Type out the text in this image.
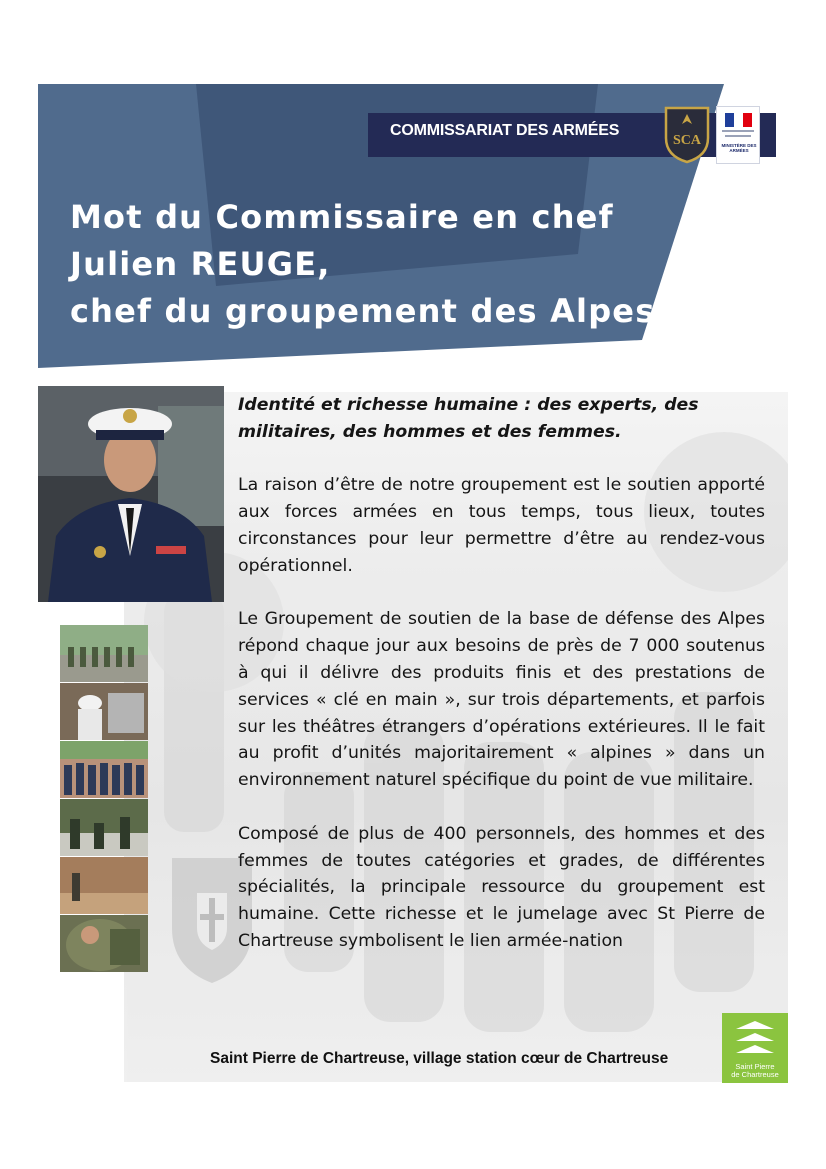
COMMISSARIAT DES ARMÉES
SCA	MINISTÈRE DES ARMÉES
Mot du Commissaire en chef
Julien REUGE,
chef du groupement des Alpes

Identité et richesse humaine : des experts, des militaires, des hommes et des femmes.

La raison d’être de notre groupement est le soutien apporté aux forces armées en tous temps, tous lieux, toutes circonstances pour leur permettre d’être au rendez-vous opérationnel.

Le Groupement de soutien de la base de défense des Alpes répond chaque jour aux besoins de près de 7 000 soutenus à qui il délivre des produits finis et des prestations de services « clé en main », sur trois départements, et parfois sur les théâtres étrangers d’opérations extérieures. Il le fait au profit d’unités majoritairement « alpines » dans un environnement naturel spécifique du point de vue militaire.

Composé de plus de 400 personnels, des hommes et des femmes de toutes catégories et grades, de différentes spécialités, la principale ressource du groupement est humaine. Cette richesse et le jumelage avec St Pierre de Chartreuse symbolisent le lien armée-nation

Saint Pierre de Chartreuse, village station cœur de Chartreuse	Saint Pierre
de Chartreuse
